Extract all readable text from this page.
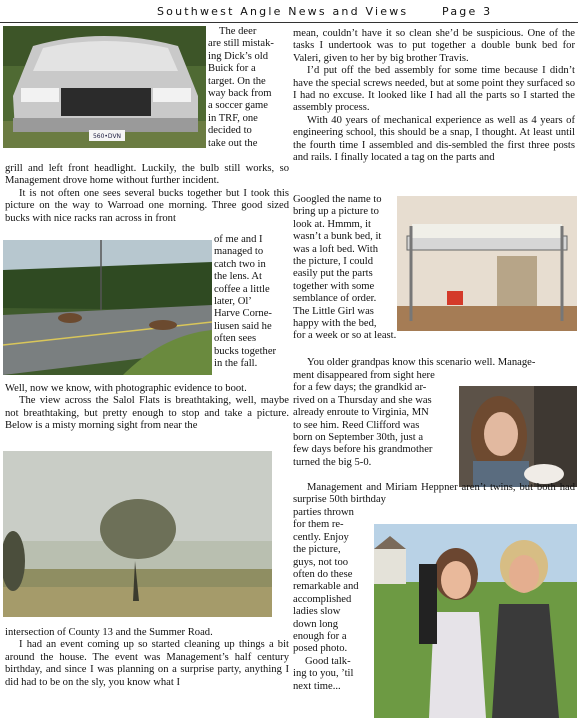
Southwest Angle News and Views	Page 3
560•DVN

The deer

are still mistak-

ing Dick’s old

Buick for a

target. On the

way back from

a soccer game

in TRF, one

decided to

take out the

grill and left front headlight. Luckily, the bulb still works, so Management drove home without further incident.

It is not often one sees several bucks together but I took this picture on the way to Warroad one morning. Three good sized bucks with nice racks ran across in front

of me and I

managed to

catch two in

the lens. At

coffee a little

later, Ol’

Harve Corne-

liusen said he

often sees

bucks together

in the fall.

Well, now we know, with photographic evidence to boot.

The view across the Salol Flats is breathtaking, well, maybe not breathtaking, but pretty enough to stop and take a picture. Below is a misty morning sight from near the

intersection of County 13 and the Summer Road.

I had an event coming up so started cleaning up things a bit around the house. The event was Management’s half century birthday, and since I was planning on a surprise party, anything I did had to be on the sly, you know what I

mean, couldn’t have it so clean she’d be suspicious. One of the tasks I undertook was to put together a double bunk bed for Valeri, given to her by big brother Travis.

I’d put off the bed assembly for some time because I didn’t have the special screws needed, but at some point they surfaced so I had no excuse. It looked like I had all the parts so I started the assembly process.

With 40 years of mechanical experience as well as 4 years of engineering school, this should be a snap, I thought. At least until the fourth time I assembled and dis-sembled the first three posts and rails. I finally located a tag on the parts and

Googled the name to

bring up a picture to

look at. Hmmm, it

wasn’t a bunk bed, it

was a loft bed. With

the picture, I could

easily put the parts

together with some

semblance of order.

The Little Girl was

happy with the bed,

for a week or so at least.

You older grandpas know this scenario well. Manage-

ment disappeared from sight here

for a few days; the grandkid ar-

rived on a Thursday and she was

already enroute to Virginia, MN

to see him. Reed Clifford was

born on September 30th, just a

few days before his grandmother

turned the big 5-0.

Management and Miriam Heppner aren’t twins, but both had surprise 50th birthday

parties thrown

for them re-

cently. Enjoy

the picture,

guys, not too

often do these

remarkable and

accomplished

ladies slow

down long

enough for a

posed photo.

Good talk-

ing to you, ’til

next time...
